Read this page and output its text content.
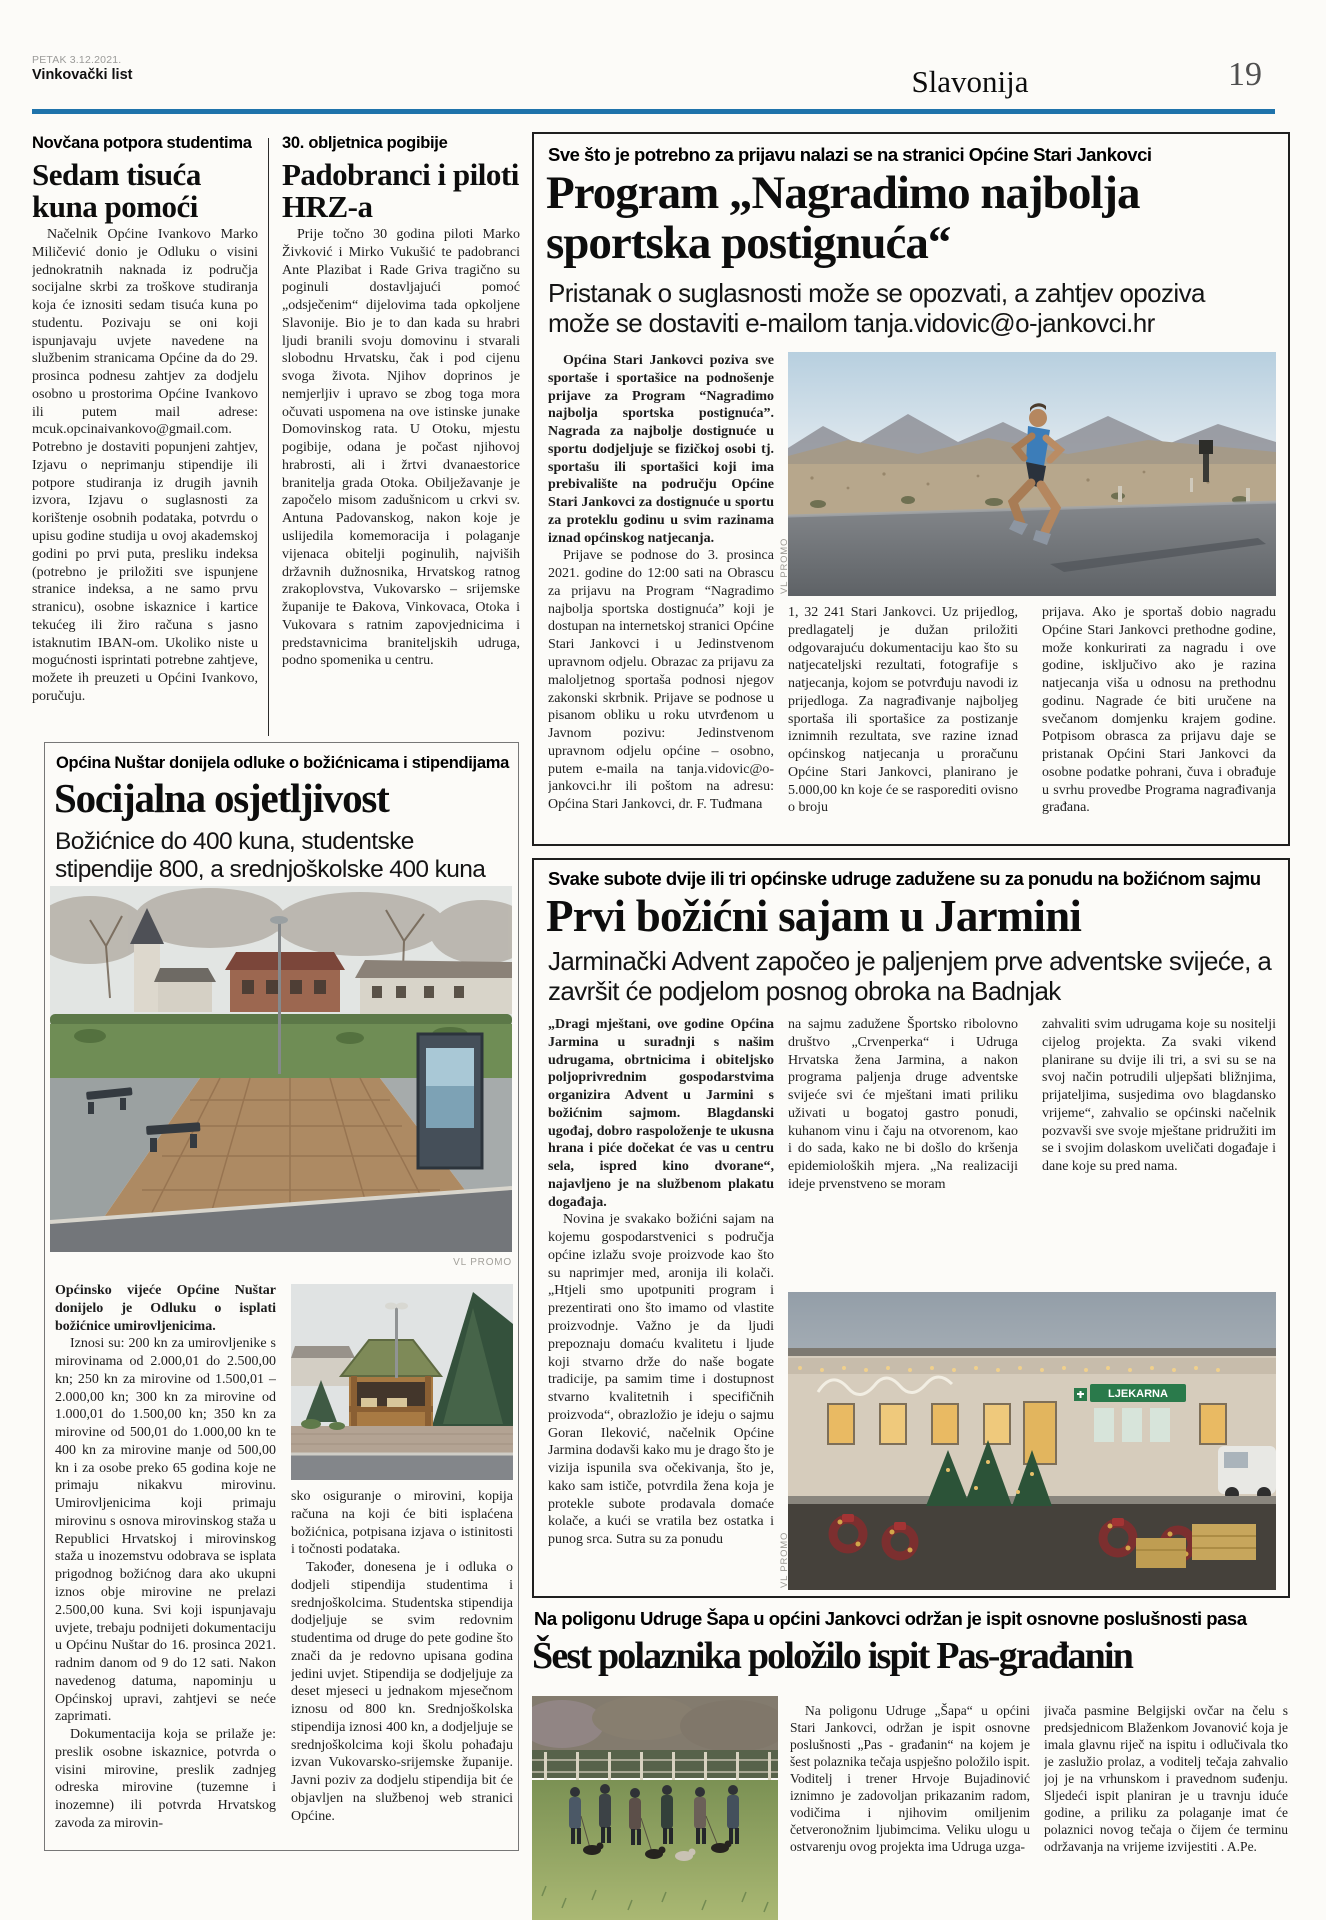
PETAK 3.12.2021.
Vinkovački list	Slavonija	19
Novčana potpora studentima
Sedam tisuća kuna pomoći

Načelnik Općine Ivankovo Marko Miličević donio je Odluku o visini jednokratnih naknada iz područja socijalne skrbi za troškove studiranja koja će iznositi sedam tisuća kuna po studentu. Pozivaju se oni koji ispunjavaju uvjete navedene na službenim stranicama Općine da do 29. prosinca podnesu zahtjev za dodjelu osobno u prostorima Općine Ivankovo ili putem mail adrese: mcuk.opcinaivankovo@gmail.com. Potrebno je dostaviti popunjeni zahtjev, Izjavu o neprimanju stipendije ili potpore studiranja iz drugih javnih izvora, Izjavu o suglasnosti za korištenje osobnih podataka, potvrdu o upisu godine studija u ovoj akademskoj godini po prvi puta, presliku indeksa (potrebno je priložiti sve ispunjene stranice indeksa, a ne samo prvu stranicu), osobne iskaznice i kartice tekućeg ili žiro računa s jasno istaknutim IBAN-om. Ukoliko niste u mogućnosti isprintati potrebne zahtjeve, možete ih preuzeti u Općini Ivankovo, poručuju.

30. obljetnica pogibije
Padobranci i piloti HRZ-a

Prije točno 30 godina piloti Marko Živković i Mirko Vukušić te padobranci Ante Plazibat i Rade Griva tragično su poginuli dostavljajući pomoć „odsječenim“ dijelovima tada opkoljene Slavonije. Bio je to dan kada su hrabri ljudi branili svoju domovinu i stvarali slobodnu Hrvatsku, čak i pod cijenu svoga života. Njihov doprinos je nemjerljiv i upravo se zbog toga mora očuvati uspomena na ove istinske junake Domovinskog rata. U Otoku, mjestu pogibije, odana je počast njihovoj hrabrosti, ali i žrtvi dvanaestorice branitelja grada Otoka. Obilježavanje je započelo misom zadušnicom u crkvi sv. Antuna Padovanskog, nakon koje je uslijedila komemoracija i polaganje vijenaca obitelji poginulih, najviših državnih dužnosnika, Hrvatskog ratnog zrakoplovstva, Vukovarsko – srijemske županije te Đakova, Vinkovaca, Otoka i Vukovara s ratnim zapovjednicima i predstavnicima braniteljskih udruga, podno spomenika u centru.

Sve što je potrebno za prijavu nalazi se na stranici Općine Stari Jankovci
Program „Nagradimo najbolja sportska postignuća“
Pristanak o suglasnosti može se opozvati, a zahtjev opoziva može se dostaviti e-mailom tanja.vidovic@o-jankovci.hr

Općina Stari Jankovci poziva sve sportaše i sportašice na podnošenje prijave za Program “Nagradimo najbolja sportska postignuća”. Nagrada za najbolje dostignuće u sportu dodjeljuje se fizičkoj osobi tj. sportašu ili sportašici koji ima prebivalište na području Općine Stari Jankovci za dostignuće u sportu za proteklu godinu u svim razinama iznad općinskog natjecanja.

Prijave se podnose do 3. prosinca 2021. godine do 12:00 sati na Obrascu za prijavu na Program “Nagradimo najbolja sportska dostignuća” koji je dostupan na internetskoj stranici Općine Stari Jankovci i u Jedinstvenom upravnom odjelu. Obrazac za prijavu za maloljetnog sportaša podnosi njegov zakonski skrbnik. Prijave se podnose u pisanom obliku u roku utvrđenom u Javnom pozivu: Jedinstvenom upravnom odjelu općine – osobno, putem e-maila na tanja.vidovic@o-jankovci.hr ili poštom na adresu: Općina Stari Jankovci, dr. F. Tuđmana

VL PROMO

1, 32 241 Stari Jankovci. Uz prijedlog, predlagatelj je dužan priložiti odgovarajuću dokumentaciju kao što su natjecateljski rezultati, fotografije s natjecanja, kojom se potvrđuju navodi iz prijedloga. Za nagrađivanje najboljeg sportaša ili sportašice za postizanje iznimnih rezultata, sve razine iznad općinskog natjecanja u proračunu Općine Stari Jankovci, planirano je 5.000,00 kn koje će se rasporediti ovisno o broju

prijava. Ako je sportaš dobio nagradu Općine Stari Jankovci prethodne godine, može konkurirati za nagradu i ove godine, isključivo ako je razina natjecanja viša u odnosu na prethodnu godinu. Nagrade će biti uručene na svečanom domjenku krajem godine. Potpisom obrasca za prijavu daje se pristanak Općini Stari Jankovci da osobne podatke pohrani, čuva i obrađuje u svrhu provedbe Programa nagrađivanja građana.

Općina Nuštar donijela odluke o božićnicama i stipendijama
Socijalna osjetljivost
Božićnice do 400 kuna, studentske stipendije 800, a srednjoškolske 400 kuna
VL PROMO

Općinsko vijeće Općine Nuštar donijelo je Odluku o isplati božićnice umirovljenicima.

Iznosi su: 200 kn za umirovljenike s mirovinama od 2.000,01 do 2.500,00 kn; 250 kn za mirovine od 1.500,01 – 2.000,00 kn; 300 kn za mirovine od 1.000,01 do 1.500,00 kn; 350 kn za mirovine od 500,01 do 1.000,00 kn te 400 kn za mirovine manje od 500,00 kn i za osobe preko 65 godina koje ne primaju nikakvu mirovinu. Umirovljenicima koji primaju mirovinu s osnova mirovinskog staža u Republici Hrvatskoj i mirovinskog staža u inozemstvu odobrava se isplata prigodnog božićnog dara ako ukupni iznos obje mirovine ne prelazi 2.500,00 kuna. Svi koji ispunjavaju uvjete, trebaju podnijeti dokumentaciju u Općinu Nuštar do 16. prosinca 2021. radnim danom od 9 do 12 sati. Nakon navedenog datuma, napominju u Općinskoj upravi, zahtjevi se neće zaprimati.

Dokumentacija koja se prilaže je: preslik osobne iskaznice, potvrda o visini mirovine, preslik zadnjeg odreska mirovine (tuzemne i inozemne) ili potvrda Hrvatskog zavoda za mirovin-

sko osiguranje o mirovini, kopija računa na koji će biti isplaćena božićnica, potpisana izjava o istinitosti i točnosti podataka.

Također, donesena je i odluka o dodjeli stipendija studentima i srednjoškolcima. Studentska stipendija dodjeljuje se svim redovnim studentima od druge do pete godine što znači da je redovno upisana godina jedini uvjet. Stipendija se dodjeljuje za deset mjeseci u jednakom mjesečnom iznosu od 800 kn. Srednjoškolska stipendija iznosi 400 kn, a dodjeljuje se srednjoškolcima koji školu pohađaju izvan Vukovarsko-srijemske županije. Javni poziv za dodjelu stipendija bit će objavljen na službenoj web stranici Općine.

Svake subote dvije ili tri općinske udruge zadužene su za ponudu na božićnom sajmu
Prvi božićni sajam u Jarmini
Jarminački Advent započeo je paljenjem prve adventske svijeće, a završit će podjelom posnog obroka na Badnjak

„Dragi mještani, ove godine Općina Jarmina u suradnji s našim udrugama, obrtnicima i obiteljsko poljoprivrednim gospodarstvima organizira Advent u Jarmini s božićnim sajmom. Blagdanski ugođaj, dobro raspoloženje te ukusna hrana i piće dočekat će vas u centru sela, ispred kino dvorane“, najavljeno je na službenom plakatu događaja.

Novina je svakako božićni sajam na kojemu gospodarstvenici s područja općine izlažu svoje proizvode kao što su naprimjer med, aronija ili kolači. „Htjeli smo upotpuniti program i prezentirati ono što imamo od vlastite proizvodnje. Važno je da ljudi prepoznaju domaću kvalitetu i ljude koji stvarno drže do naše bogate tradicije, pa samim time i dostupnost stvarno kvalitetnih i specifičnih proizvoda“, obrazložio je ideju o sajmu Goran Ileković, načelnik Općine Jarmina dodavši kako mu je drago što je vizija ispunila sva očekivanja, što je, kako sam ističe, potvrdila žena koja je protekle subote prodavala domaće kolače, a kući se vratila bez ostatka i punog srca. Sutra su za ponudu

na sajmu zadužene Športsko ribolovno društvo „Crvenperka“ i Udruga Hrvatska žena Jarmina, a nakon programa paljenja druge adventske svijeće svi će mještani imati priliku uživati u bogatoj gastro ponudi, kuhanom vinu i čaju na otvorenom, kao i do sada, kako ne bi došlo do kršenja epidemioloških mjera. „Na realizaciji ideje prvenstveno se moram

zahvaliti svim udrugama koje su nositelji cijelog projekta. Za svaki vikend planirane su dvije ili tri, a svi su se na svoj način potrudili uljepšati bližnjima, prijateljima, susjedima ovo blagdansko vrijeme“, zahvalio se općinski načelnik pozvavši sve svoje mještane pridružiti im se i svojim dolaskom uveličati događaje i dane koje su pred nama.

LJEKARNA
VL PROMO
Na poligonu Udruge Šapa u općini Jankovci održan je ispit osnovne poslušnosti pasa
Šest polaznika položilo ispit Pas-građanin

Na poligonu Udruge „Šapa“ u općini Stari Jankovci, održan je ispit osnovne poslušnosti „Pas - građanin“ na kojem je šest polaznika tečaja uspješno položilo ispit. Voditelj i trener Hrvoje Bujadinović iznimno je zadovoljan prikazanim radom, vodičima i njihovim omiljenim četveronožnim ljubimcima. Veliku ulogu u ostvarenju ovog projekta ima Udruga uzga-

jivača pasmine Belgijski ovčar na čelu s predsjednicom Blaženkom Jovanović koja je imala glavnu riječ na ispitu i odlučivala tko je zaslužio prolaz, a voditelj tečaja zahvalio joj je na vrhunskom i pravednom suđenju. Sljedeći ispit planiran je u travnju iduće godine, a priliku za polaganje imat će polaznici novog tečaja o čijem će terminu održavanja na vrijeme izvijestiti . A.Pe.
